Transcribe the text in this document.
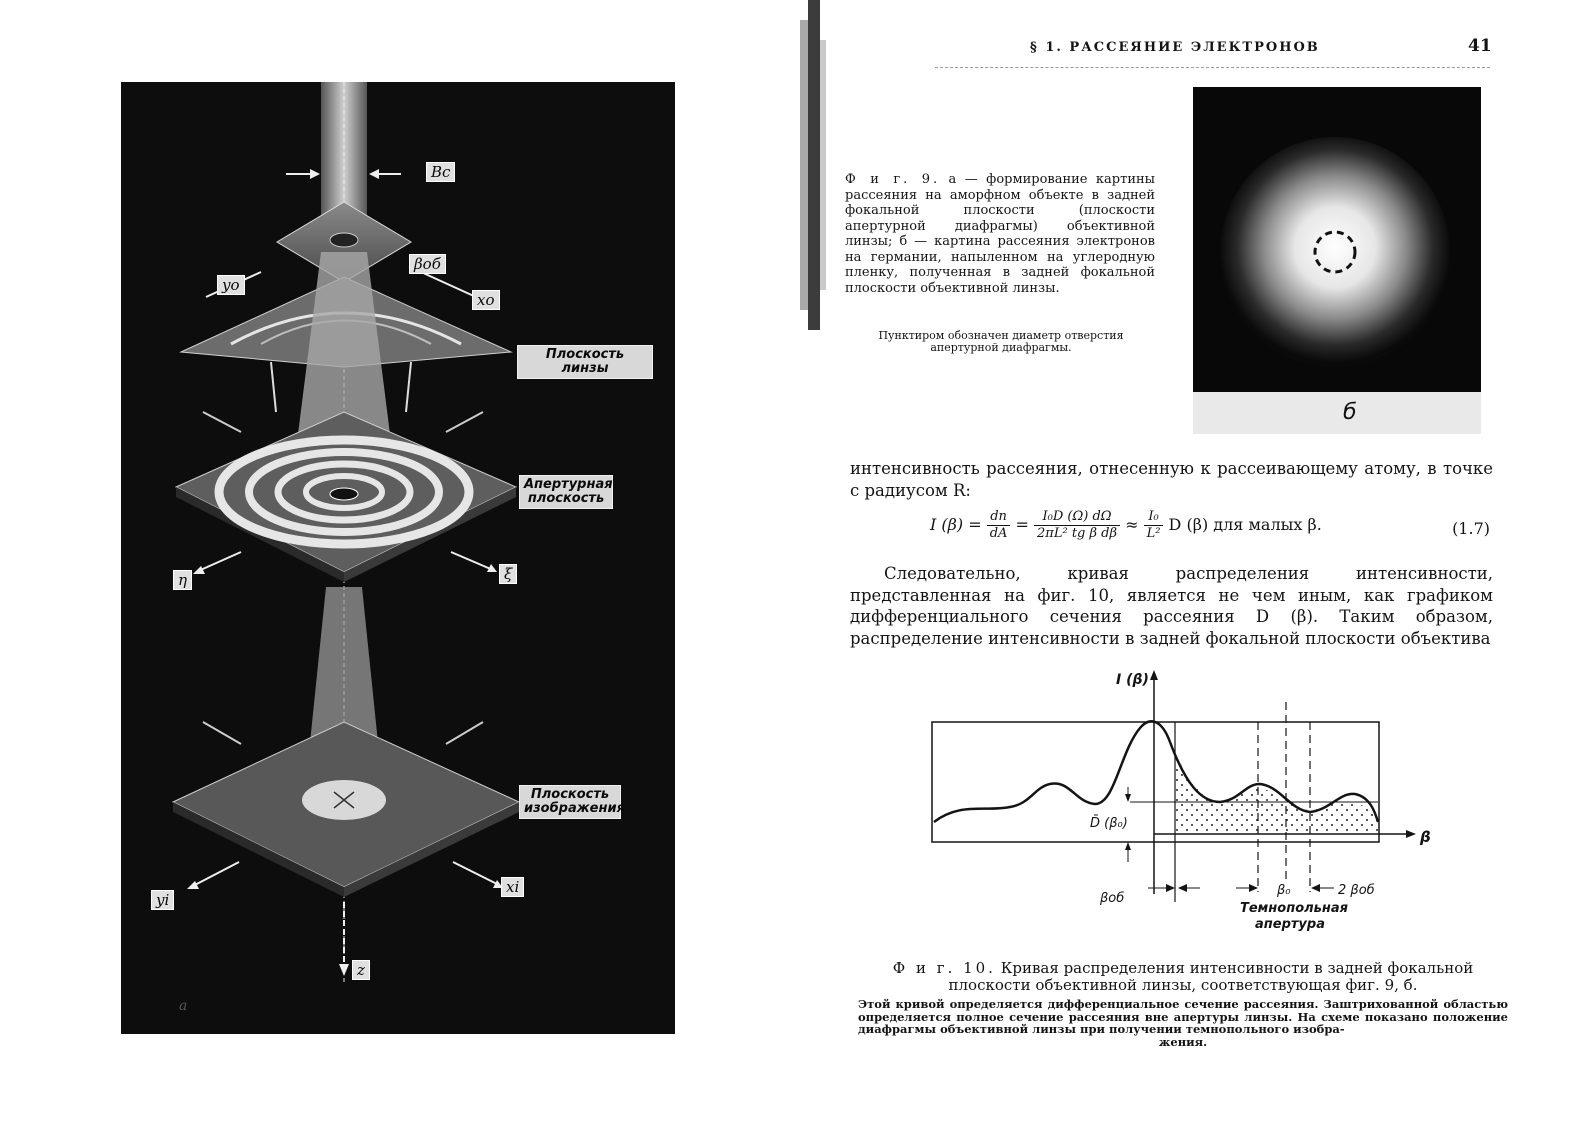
Bc
βоб
yo
xo
Плоскость линзы
Апертурная плоскость
η	ξ
Плоскость изображения
yi
xi
z
a
§ 1. РАССЕЯНИЕ ЭЛЕКТРОНОВ	41
Ф и г. 9. a — формирование картины рассеяния на аморфном объекте в задней фокальной плоскости (плоскости апертурной диафрагмы) объективной линзы; б — картина рассеяния электронов на германии, напыленном на углеродную пленку, полученная в задней фокальной плоскости объективной линзы.
Пунктиром обозначен диаметр отверстия апертурной диафрагмы.
б

интенсивность рассеяния, отнесенную к рассеивающему атому, в точке с радиусом R:

I $(\beta) = \frac{dn}{dA} = \frac{\text{I₀D (Ω) dΩ}}{\text{2πL² tg β dβ}} \approx \frac{\text{I₀}}{\text{L²}}$ D (β) для малых β.	(1.7)

Следовательно, кривая распределения интенсивности, представленная на фиг. 10, является не чем иным, как графиком дифференциального сечения рассеяния D (β). Таким образом, распределение интенсивности в задней фокальной плоскости объектива

I (β)
β
D̄ (β₀)
βоб
β₀	2 βоб
Темнопольная
апертура
Ф и г. 10. Кривая распределения интенсивности в задней фокальной плоскости объективной линзы, соответствующая фиг. 9, б.
Этой кривой определяется дифференциальное сечение рассеяния. Заштрихованной областью определяется полное сечение рассеяния вне апертуры линзы. На схеме показано положение диафрагмы объективной линзы при получении темнопольного изобра-
жения.
